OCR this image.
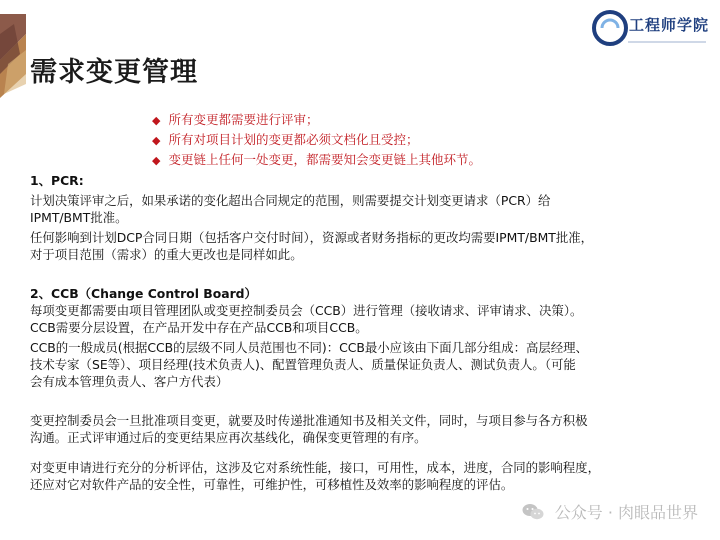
工程师学院
需求变更管理
◆ 所有变更都需要进行评审；
◆ 所有对项目计划的变更都必须文档化且受控；
◆ 变更链上任何一处变更，都需要知会变更链上其他环节。

1、PCR:

计划决策评审之后，如果承诺的变化超出合同规定的范围，则需要提交计划变更请求（PCR）给

IPMT/BMT批准。

任何影响到计划DCP合同日期（包括客户交付时间），资源或者财务指标的更改均需要IPMT/BMT批准，

对于项目范围（需求）的重大更改也是同样如此。

2、CCB（Change Control Board）

每项变更都需要由项目管理团队或变更控制委员会（CCB）进行管理（接收请求、评审请求、决策）。

CCB需要分层设置，在产品开发中存在产品CCB和项目CCB。

CCB的一般成员(根据CCB的层级不同人员范围也不同)：CCB最小应该由下面几部分组成：高层经理、

技术专家（SE等）、项目经理(技术负责人)、配置管理负责人、质量保证负责人、测试负责人。（可能

会有成本管理负责人、客户方代表）

变更控制委员会一旦批准项目变更，就要及时传递批准通知书及相关文件，同时，与项目参与各方积极

沟通。正式评审通过后的变更结果应再次基线化，确保变更管理的有序。

对变更申请进行充分的分析评估，这涉及它对系统性能，接口，可用性，成本，进度，合同的影响程度，

还应对它对软件产品的安全性，可靠性，可维护性，可移植性及效率的影响程度的评估。

公众号 · 肉眼品世界
